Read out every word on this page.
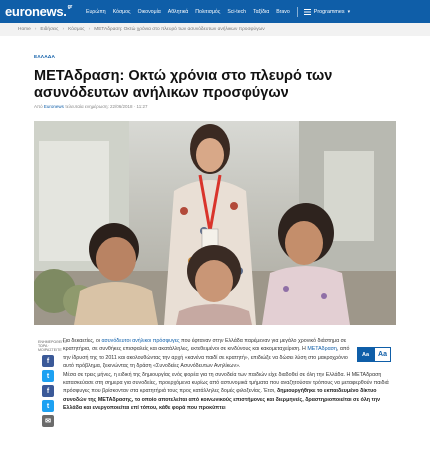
euronews.$^{gr}$
Ευρώπη Κόσμος Οικονομία Αθλητικά Πολιτισμός Sci-tech Ταξίδια Bravo	Programmes ▾
Home › Ειδήσεις › Κόσμος › ΜΕΤΑδραση: Οκτώ χρόνια στο πλευρό των ασυνόδευτων ανήλικων προσφύγων
ΕΛΛΑΔΑ
ΜΕΤΑδραση: Οκτώ χρόνια στο πλευρό των ασυνόδευτων ανήλικων προσφύγων
Από Euronews τελευταία ενημέρωση: 22/06/2018 · 11:27
ΕΝΗΜΕΡΩΘΕΙΤΕ ΤΩΡΑ · ΜΟΙΡΑΣΤΕΙΤΕ
f
t
f
t
✉
Aa	Aa

Για δεκαετίες, οι ασυνόδευτοι ανήλικοι πρόσφυγες που έφταναν στην Ελλάδα παρέμεναν για μεγάλο χρονικό διάστημα σε κρατητήρια, σε συνθήκες επισφαλείς και ακατάλληλες, εκτεθειμένοι σε κινδύνους και κακομεταχείριση. Η ΜΕΤΑδραση, από την ίδρυσή της το 2011 και ακολουθώντας την αρχή «κανένα παιδί σε κρατητή», επιδιώξε να δώσει λύση στο μακροχρόνιο αυτό πρόβλημα, ξεκινώντας τη δράση «Συνοδείες Ασυνόδευτων Ανηλίκων».

Μέσα σε τρεις μήνες, η ειδική της δημιουργίας ενός φορέα για τη συνοδεία των παιδιών είχε διαδοθεί σε όλη την Ελλάδα. Η ΜΕΤΑδραση κατασκεύασε στη σημερα για συνοδείες, προερχόμενα κυρίως από αστυνομικά τμήματα που αναζητούσαν τρόπους να μεταφερθούν παιδιά πρόσφυγες που βρίσκονταν στα κρατητήριά τους προς κατάλληλες δομές φιλοξενίας. Έτσι, δημιουργήθηκε το εκπαιδευμένο δίκτυο συνοδών της ΜΕΤΑδρασης, το οποίο αποτελείται από κοινωνικούς επιστήμονες και διερμηνείς, δραστηριοποιείται σε όλη την Ελλάδα και ενεργοποιείται επί τόπου, κάθε φορά που προκύπτει
